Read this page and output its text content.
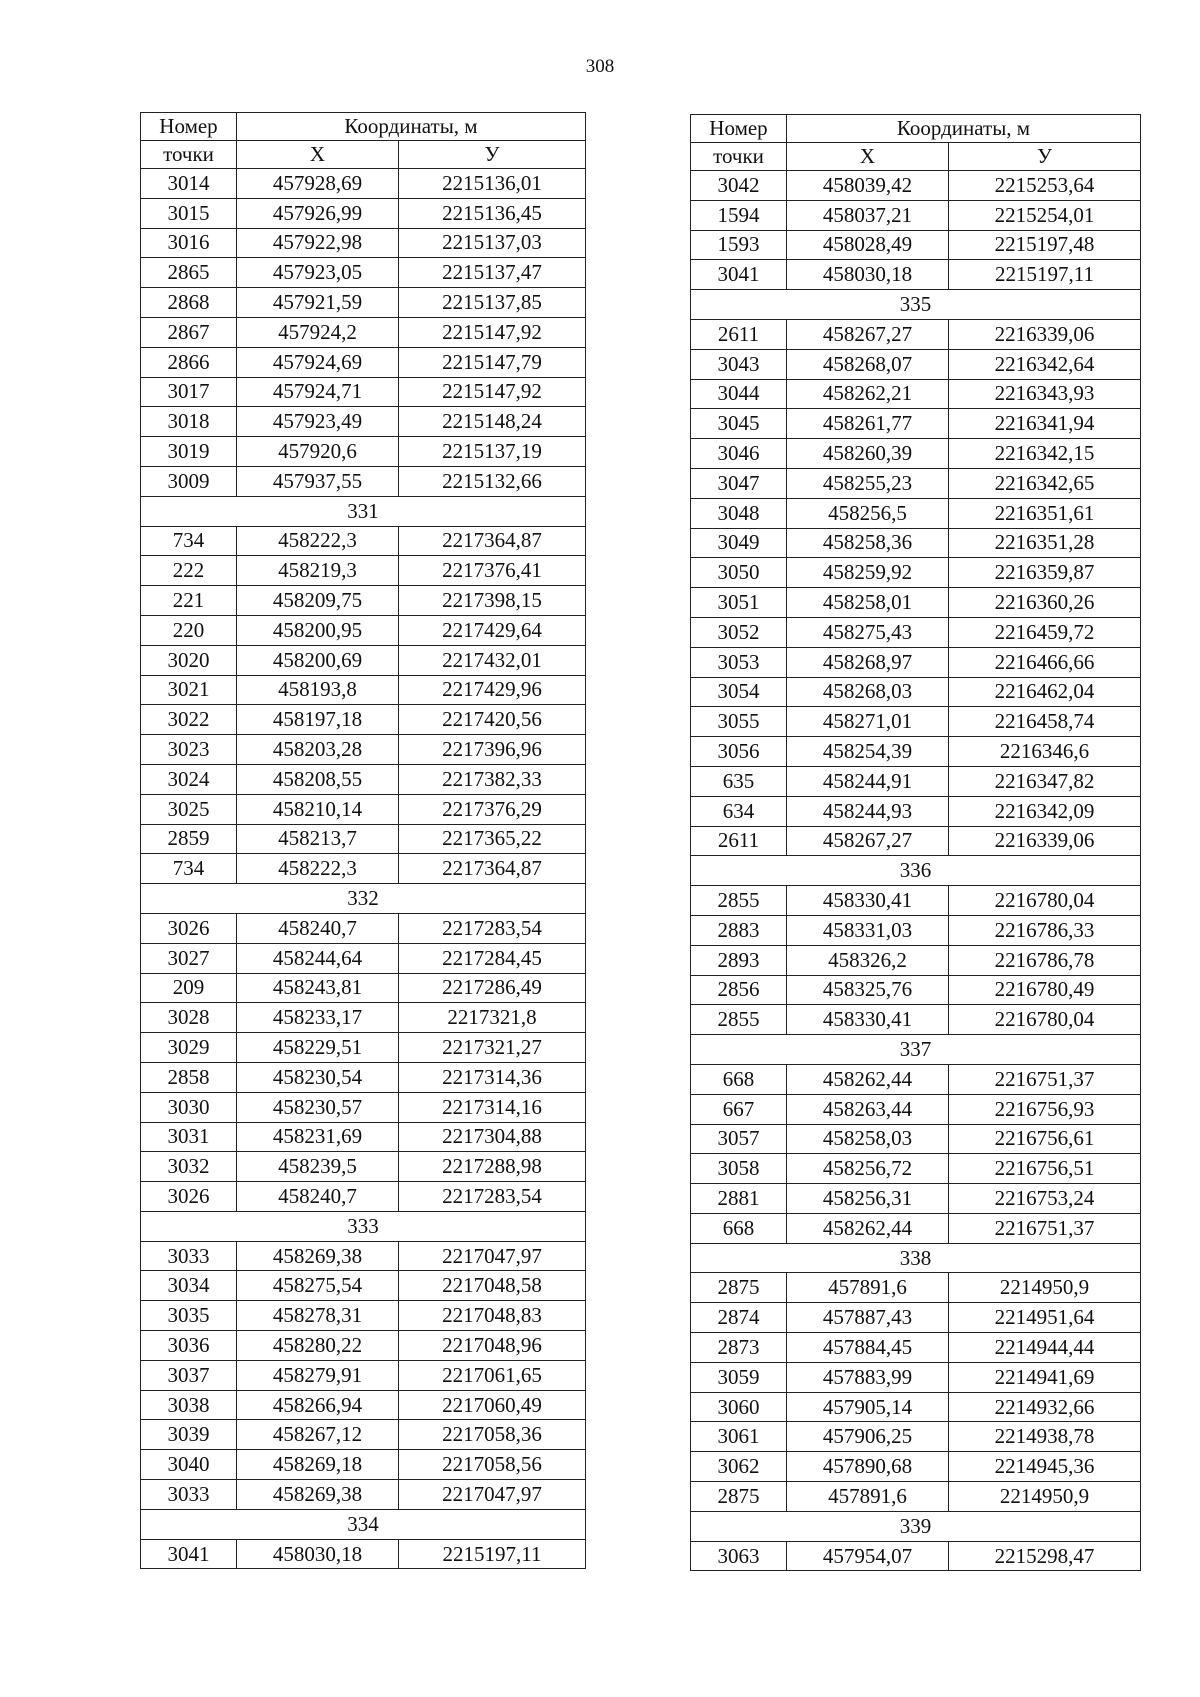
308
Номер	Координаты, м	
точки	Х	У
3014	457928,69	2215136,01
3015	457926,99	2215136,45
3016	457922,98	2215137,03
2865	457923,05	2215137,47
2868	457921,59	2215137,85
2867	457924,2	2215147,92
2866	457924,69	2215147,79
3017	457924,71	2215147,92
3018	457923,49	2215148,24
3019	457920,6	2215137,19
3009	457937,55	2215132,66
331		
734	458222,3	2217364,87
222	458219,3	2217376,41
221	458209,75	2217398,15
220	458200,95	2217429,64
3020	458200,69	2217432,01
3021	458193,8	2217429,96
3022	458197,18	2217420,56
3023	458203,28	2217396,96
3024	458208,55	2217382,33
3025	458210,14	2217376,29
2859	458213,7	2217365,22
734	458222,3	2217364,87
332		
3026	458240,7	2217283,54
3027	458244,64	2217284,45
209	458243,81	2217286,49
3028	458233,17	2217321,8
3029	458229,51	2217321,27
2858	458230,54	2217314,36
3030	458230,57	2217314,16
3031	458231,69	2217304,88
3032	458239,5	2217288,98
3026	458240,7	2217283,54
333		
3033	458269,38	2217047,97
3034	458275,54	2217048,58
3035	458278,31	2217048,83
3036	458280,22	2217048,96
3037	458279,91	2217061,65
3038	458266,94	2217060,49
3039	458267,12	2217058,36
3040	458269,18	2217058,56
3033	458269,38	2217047,97
334		
3041	458030,18	2215197,11
Номер	Координаты, м	
точки	Х	У
3042	458039,42	2215253,64
1594	458037,21	2215254,01
1593	458028,49	2215197,48
3041	458030,18	2215197,11
335		
2611	458267,27	2216339,06
3043	458268,07	2216342,64
3044	458262,21	2216343,93
3045	458261,77	2216341,94
3046	458260,39	2216342,15
3047	458255,23	2216342,65
3048	458256,5	2216351,61
3049	458258,36	2216351,28
3050	458259,92	2216359,87
3051	458258,01	2216360,26
3052	458275,43	2216459,72
3053	458268,97	2216466,66
3054	458268,03	2216462,04
3055	458271,01	2216458,74
3056	458254,39	2216346,6
635	458244,91	2216347,82
634	458244,93	2216342,09
2611	458267,27	2216339,06
336		
2855	458330,41	2216780,04
2883	458331,03	2216786,33
2893	458326,2	2216786,78
2856	458325,76	2216780,49
2855	458330,41	2216780,04
337		
668	458262,44	2216751,37
667	458263,44	2216756,93
3057	458258,03	2216756,61
3058	458256,72	2216756,51
2881	458256,31	2216753,24
668	458262,44	2216751,37
338		
2875	457891,6	2214950,9
2874	457887,43	2214951,64
2873	457884,45	2214944,44
3059	457883,99	2214941,69
3060	457905,14	2214932,66
3061	457906,25	2214938,78
3062	457890,68	2214945,36
2875	457891,6	2214950,9
339		
3063	457954,07	2215298,47
